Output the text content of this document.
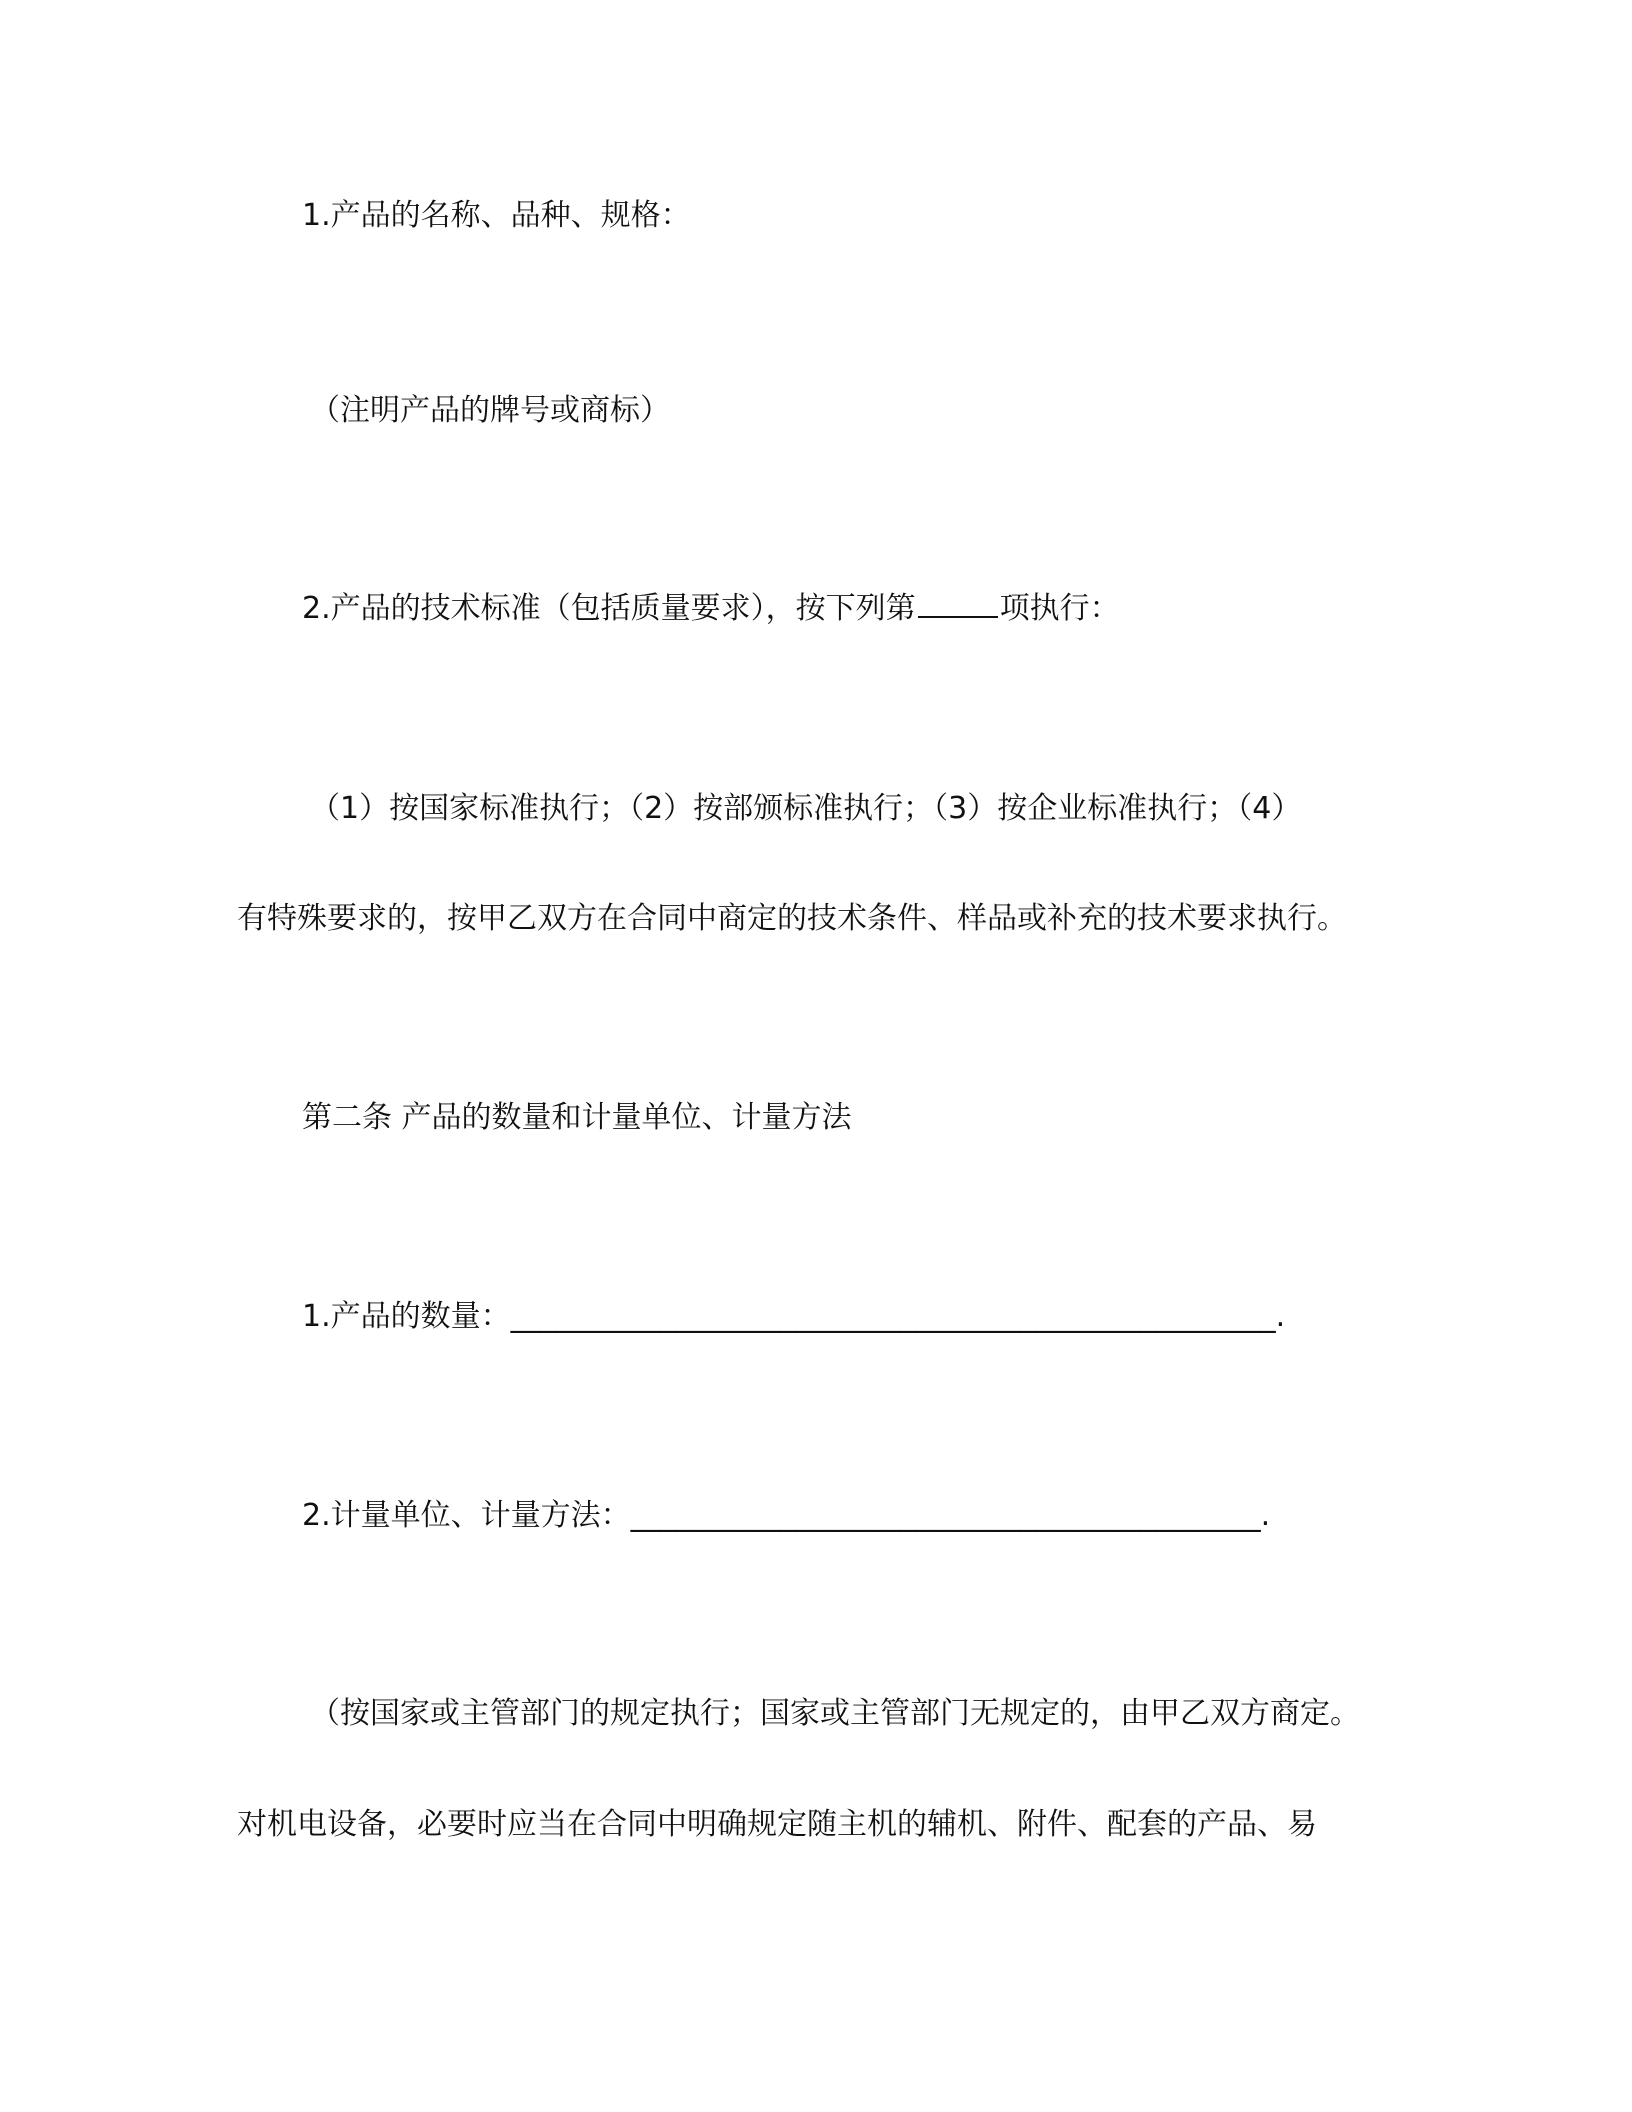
1.产品的名称、品种、规格：
（注明产品的牌号或商标）
2.产品的技术标准（包括质量要求），按下列第	项执行：
（1）按国家标准执行；（2）按部颁标准执行；（3）按企业标准执行；（4）
有特殊要求的，按甲乙双方在合同中商定的技术条件、样品或补充的技术要求执行。
第二条 产品的数量和计量单位、计量方法
1.产品的数量：___________________________________________________.
2.计量单位、计量方法：__________________________________________.
（按国家或主管部门的规定执行；国家或主管部门无规定的，由甲乙双方商定。
对机电设备，必要时应当在合同中明确规定随主机的辅机、附件、配套的产品、易
